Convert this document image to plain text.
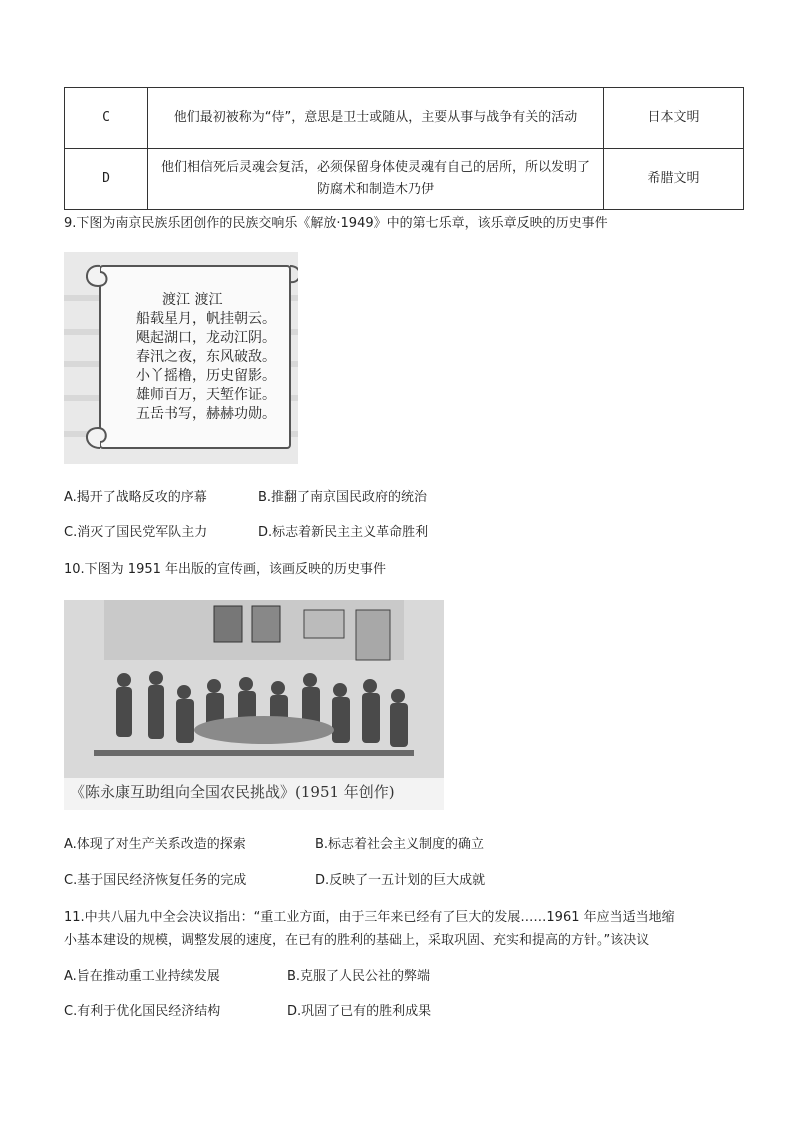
C	他们最初被称为“侍”，意思是卫士或随从，主要从事与战争有关的活动	日本文明
D	他们相信死后灵魂会复活，必须保留身体使灵魂有自己的居所，所以发明了防腐术和制造木乃伊	希腊文明
9.下图为南京民族乐团创作的民族交响乐《解放·1949》中的第七乐章，该乐章反映的历史事件
渡江 渡江
船载星月，帆挂朝云。
飓起湖口，龙动江阴。
春汛之夜，东风破敌。
小丫摇橹，历史留影。
雄师百万，天堑作证。
五岳书写，赫赫功勋。
A.揭开了战略反攻的序幕	B.推翻了南京国民政府的统治
C.消灭了国民党军队主力	D.标志着新民主主义革命胜利
10.下图为 1951 年出版的宣传画，该画反映的历史事件
《陈永康互助组向全国农民挑战》(1951 年创作)
A.体现了对生产关系改造的探索	B.标志着社会主义制度的确立
C.基于国民经济恢复任务的完成	D.反映了一五计划的巨大成就
11.中共八届九中全会决议指出：“重工业方面，由于三年来已经有了巨大的发展……1961 年应当适当地缩
小基本建设的规模，调整发展的速度，在已有的胜利的基础上，采取巩固、充实和提高的方针。”该决议
A.旨在推动重工业持续发展	B.克服了人民公社的弊端
C.有利于优化国民经济结构	D.巩固了已有的胜利成果
